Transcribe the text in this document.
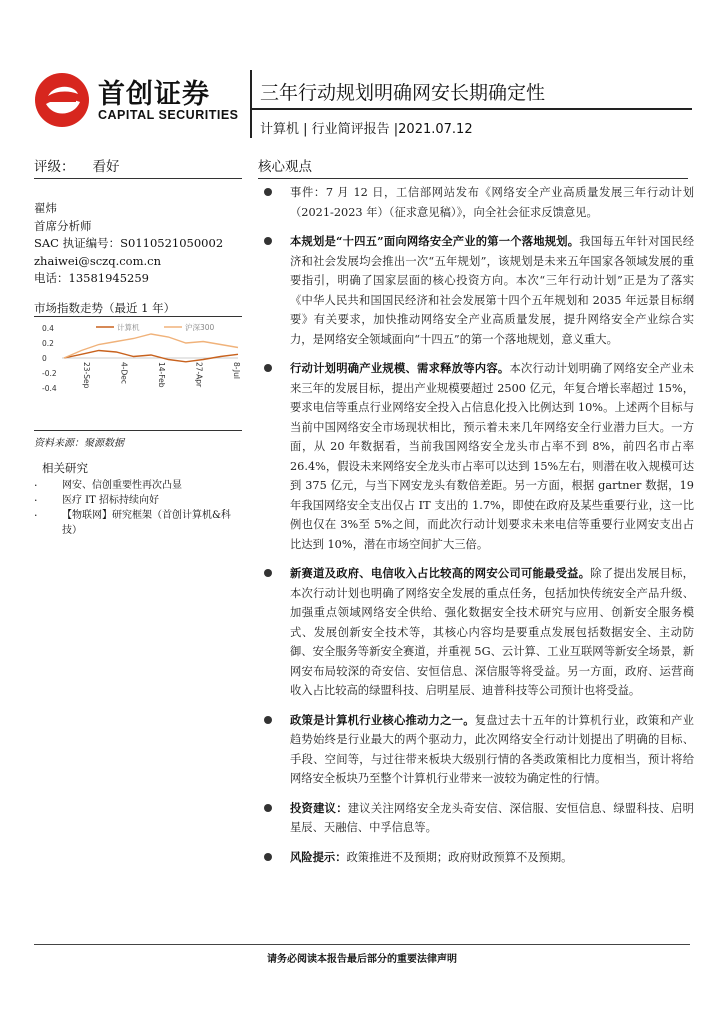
首创证券
CAPITAL SECURITIES
三年行动规划明确网安长期确定性
计算机 | 行业简评报告 |2021.07.12
评级： 看好
翟炜
首席分析师
SAC 执证编号：S0110521050002
zhaiwei@sczq.com.cn
电话：13581945259
市场指数走势（最近 1 年）
0.4
0.2
0
-0.2
-0.4
23-Sep	4-Dec	14-Feb	27-Apr	8-Jul
计算机	沪深300
资料来源：聚源数据
相关研究
· 网安、信创重要性再次凸显
· 医疗 IT 招标持续向好
· 【物联网】研究框架（首创计算机&科技）
核心观点
事件：7 月 12 日，工信部网站发布《网络安全产业高质量发展三年行动计划（2021-2023 年）（征求意见稿）》，向全社会征求反馈意见。
本规划是“十四五”面向网络安全产业的第一个落地规划。我国每五年针对国民经济和社会发展均会推出一次“五年规划”，该规划是未来五年国家各领域发展的重要指引，明确了国家层面的核心投资方向。本次“三年行动计划”正是为了落实《中华人民共和国国民经济和社会发展第十四个五年规划和 2035 年远景目标纲要》有关要求，加快推动网络安全产业高质量发展，提升网络安全产业综合实力，是网络安全领域面向“十四五”的第一个落地规划，意义重大。
行动计划明确产业规模、需求释放等内容。本次行动计划明确了网络安全产业未来三年的发展目标，提出产业规模要超过 2500 亿元，年复合增长率超过 15%，要求电信等重点行业网络安全投入占信息化投入比例达到 10%。上述两个目标与当前中国网络安全市场现状相比，预示着未来几年网络安全行业潜力巨大。一方面，从 20 年数据看，当前我国网络安全龙头市占率不到 8%，前四名市占率 26.4%，假设未来网络安全龙头市占率可以达到 15%左右，则潜在收入规模可达到 375 亿元，与当下网安龙头有数倍差距。另一方面，根据 gartner 数据，19 年我国网络安全支出仅占 IT 支出的 1.7%，即使在政府及某些重要行业，这一比例也仅在 3%至 5%之间，而此次行动计划要求未来电信等重要行业网安支出占比达到 10%，潜在市场空间扩大三倍。
新赛道及政府、电信收入占比较高的网安公司可能最受益。除了提出发展目标，本次行动计划也明确了网络安全发展的重点任务，包括加快传统安全产品升级、加强重点领域网络安全供给、强化数据安全技术研究与应用、创新安全服务模式、发展创新安全技术等，其核心内容均是要重点发展包括数据安全、主动防御、安全服务等新安全赛道，并重视 5G、云计算、工业互联网等新安全场景，新网安布局较深的奇安信、安恒信息、深信服等将受益。另一方面，政府、运营商收入占比较高的绿盟科技、启明星辰、迪普科技等公司预计也将受益。
政策是计算机行业核心推动力之一。复盘过去十五年的计算机行业，政策和产业趋势始终是行业最大的两个驱动力，此次网络安全行动计划提出了明确的目标、手段、空间等，与过往带来板块大级别行情的各类政策相比力度相当，预计将给网络安全板块乃至整个计算机行业带来一波较为确定性的行情。
投资建议：建议关注网络安全龙头奇安信、深信服、安恒信息、绿盟科技、启明星辰、天融信、中孚信息等。
风险提示：政策推进不及预期；政府财政预算不及预期。
请务必阅读本报告最后部分的重要法律声明
